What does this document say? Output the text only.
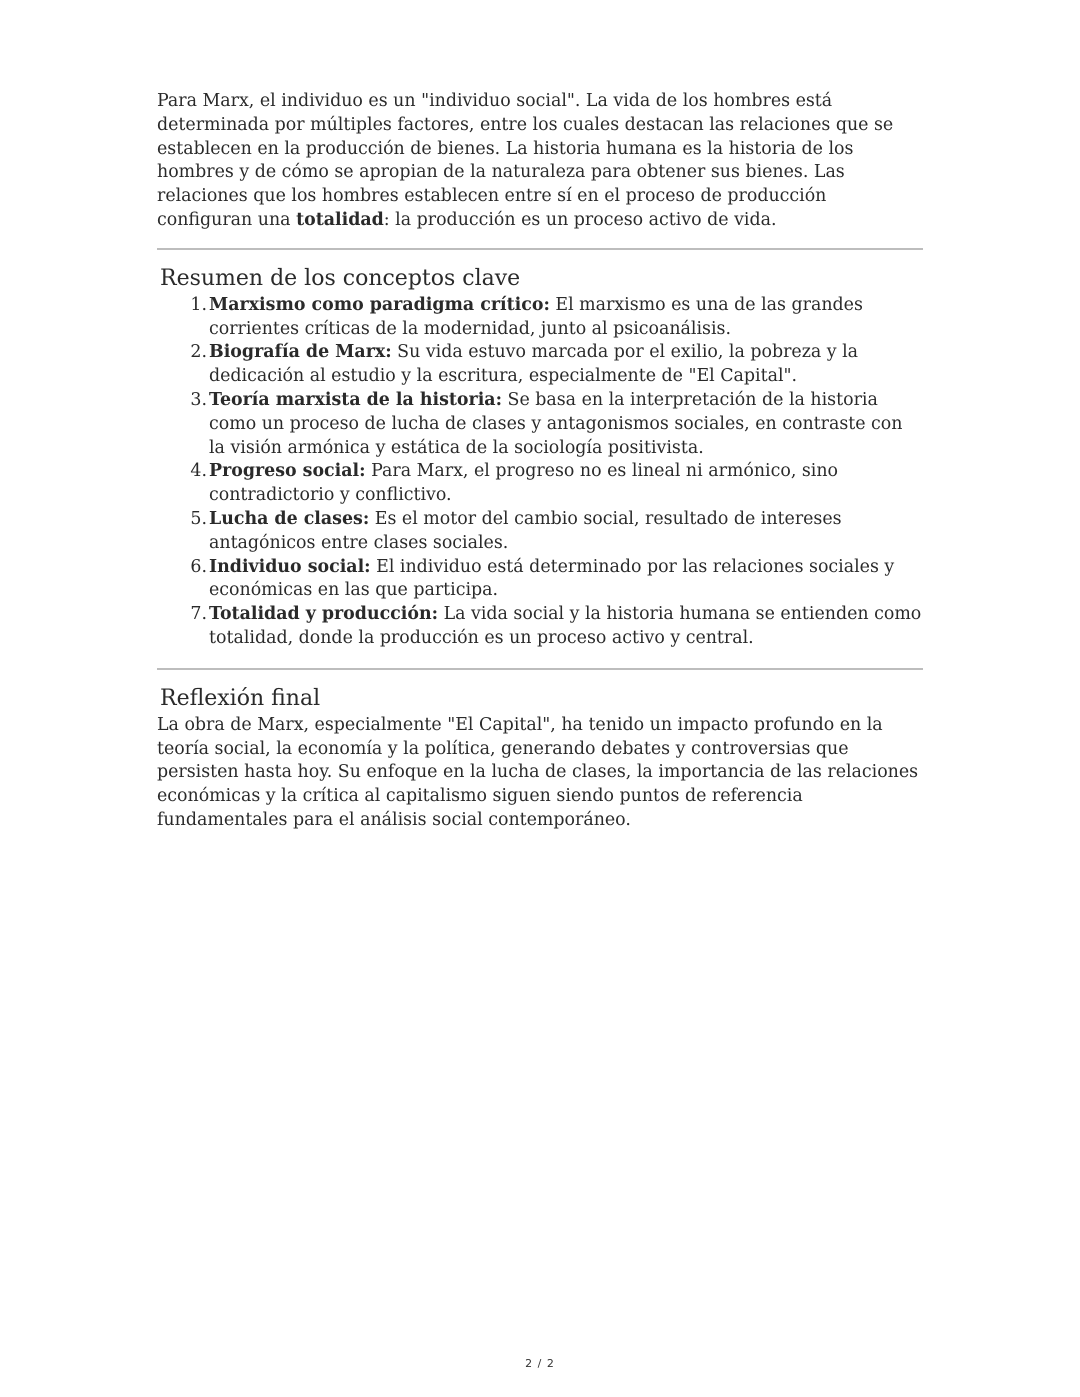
Para Marx, el individuo es un "individuo social". La vida de los hombres está determinada por múltiples factores, entre los cuales destacan las relaciones que se establecen en la producción de bienes. La historia humana es la historia de los hombres y de cómo se apropian de la naturaleza para obtener sus bienes. Las relaciones que los hombres establecen entre sí en el proceso de producción configuran una totalidad: la producción es un proceso activo de vida.

Resumen de los conceptos clave
1. Marxismo como paradigma crítico: El marxismo es una de las grandes corrientes críticas de la modernidad, junto al psicoanálisis.
2. Biografía de Marx: Su vida estuvo marcada por el exilio, la pobreza y la dedicación al estudio y la escritura, especialmente de "El Capital".
3. Teoría marxista de la historia: Se basa en la interpretación de la historia como un proceso de lucha de clases y antagonismos sociales, en contraste con la visión armónica y estática de la sociología positivista.
4. Progreso social: Para Marx, el progreso no es lineal ni armónico, sino contradictorio y conflictivo.
5. Lucha de clases: Es el motor del cambio social, resultado de intereses antagónicos entre clases sociales.
6. Individuo social: El individuo está determinado por las relaciones sociales y económicas en las que participa.
7. Totalidad y producción: La vida social y la historia humana se entienden como totalidad, donde la producción es un proceso activo y central.
Reflexión final

La obra de Marx, especialmente "El Capital", ha tenido un impacto profundo en la teoría social, la economía y la política, generando debates y controversias que persisten hasta hoy. Su enfoque en la lucha de clases, la importancia de las relaciones económicas y la crítica al capitalismo siguen siendo puntos de referencia fundamentales para el análisis social contemporáneo.

2 / 2
